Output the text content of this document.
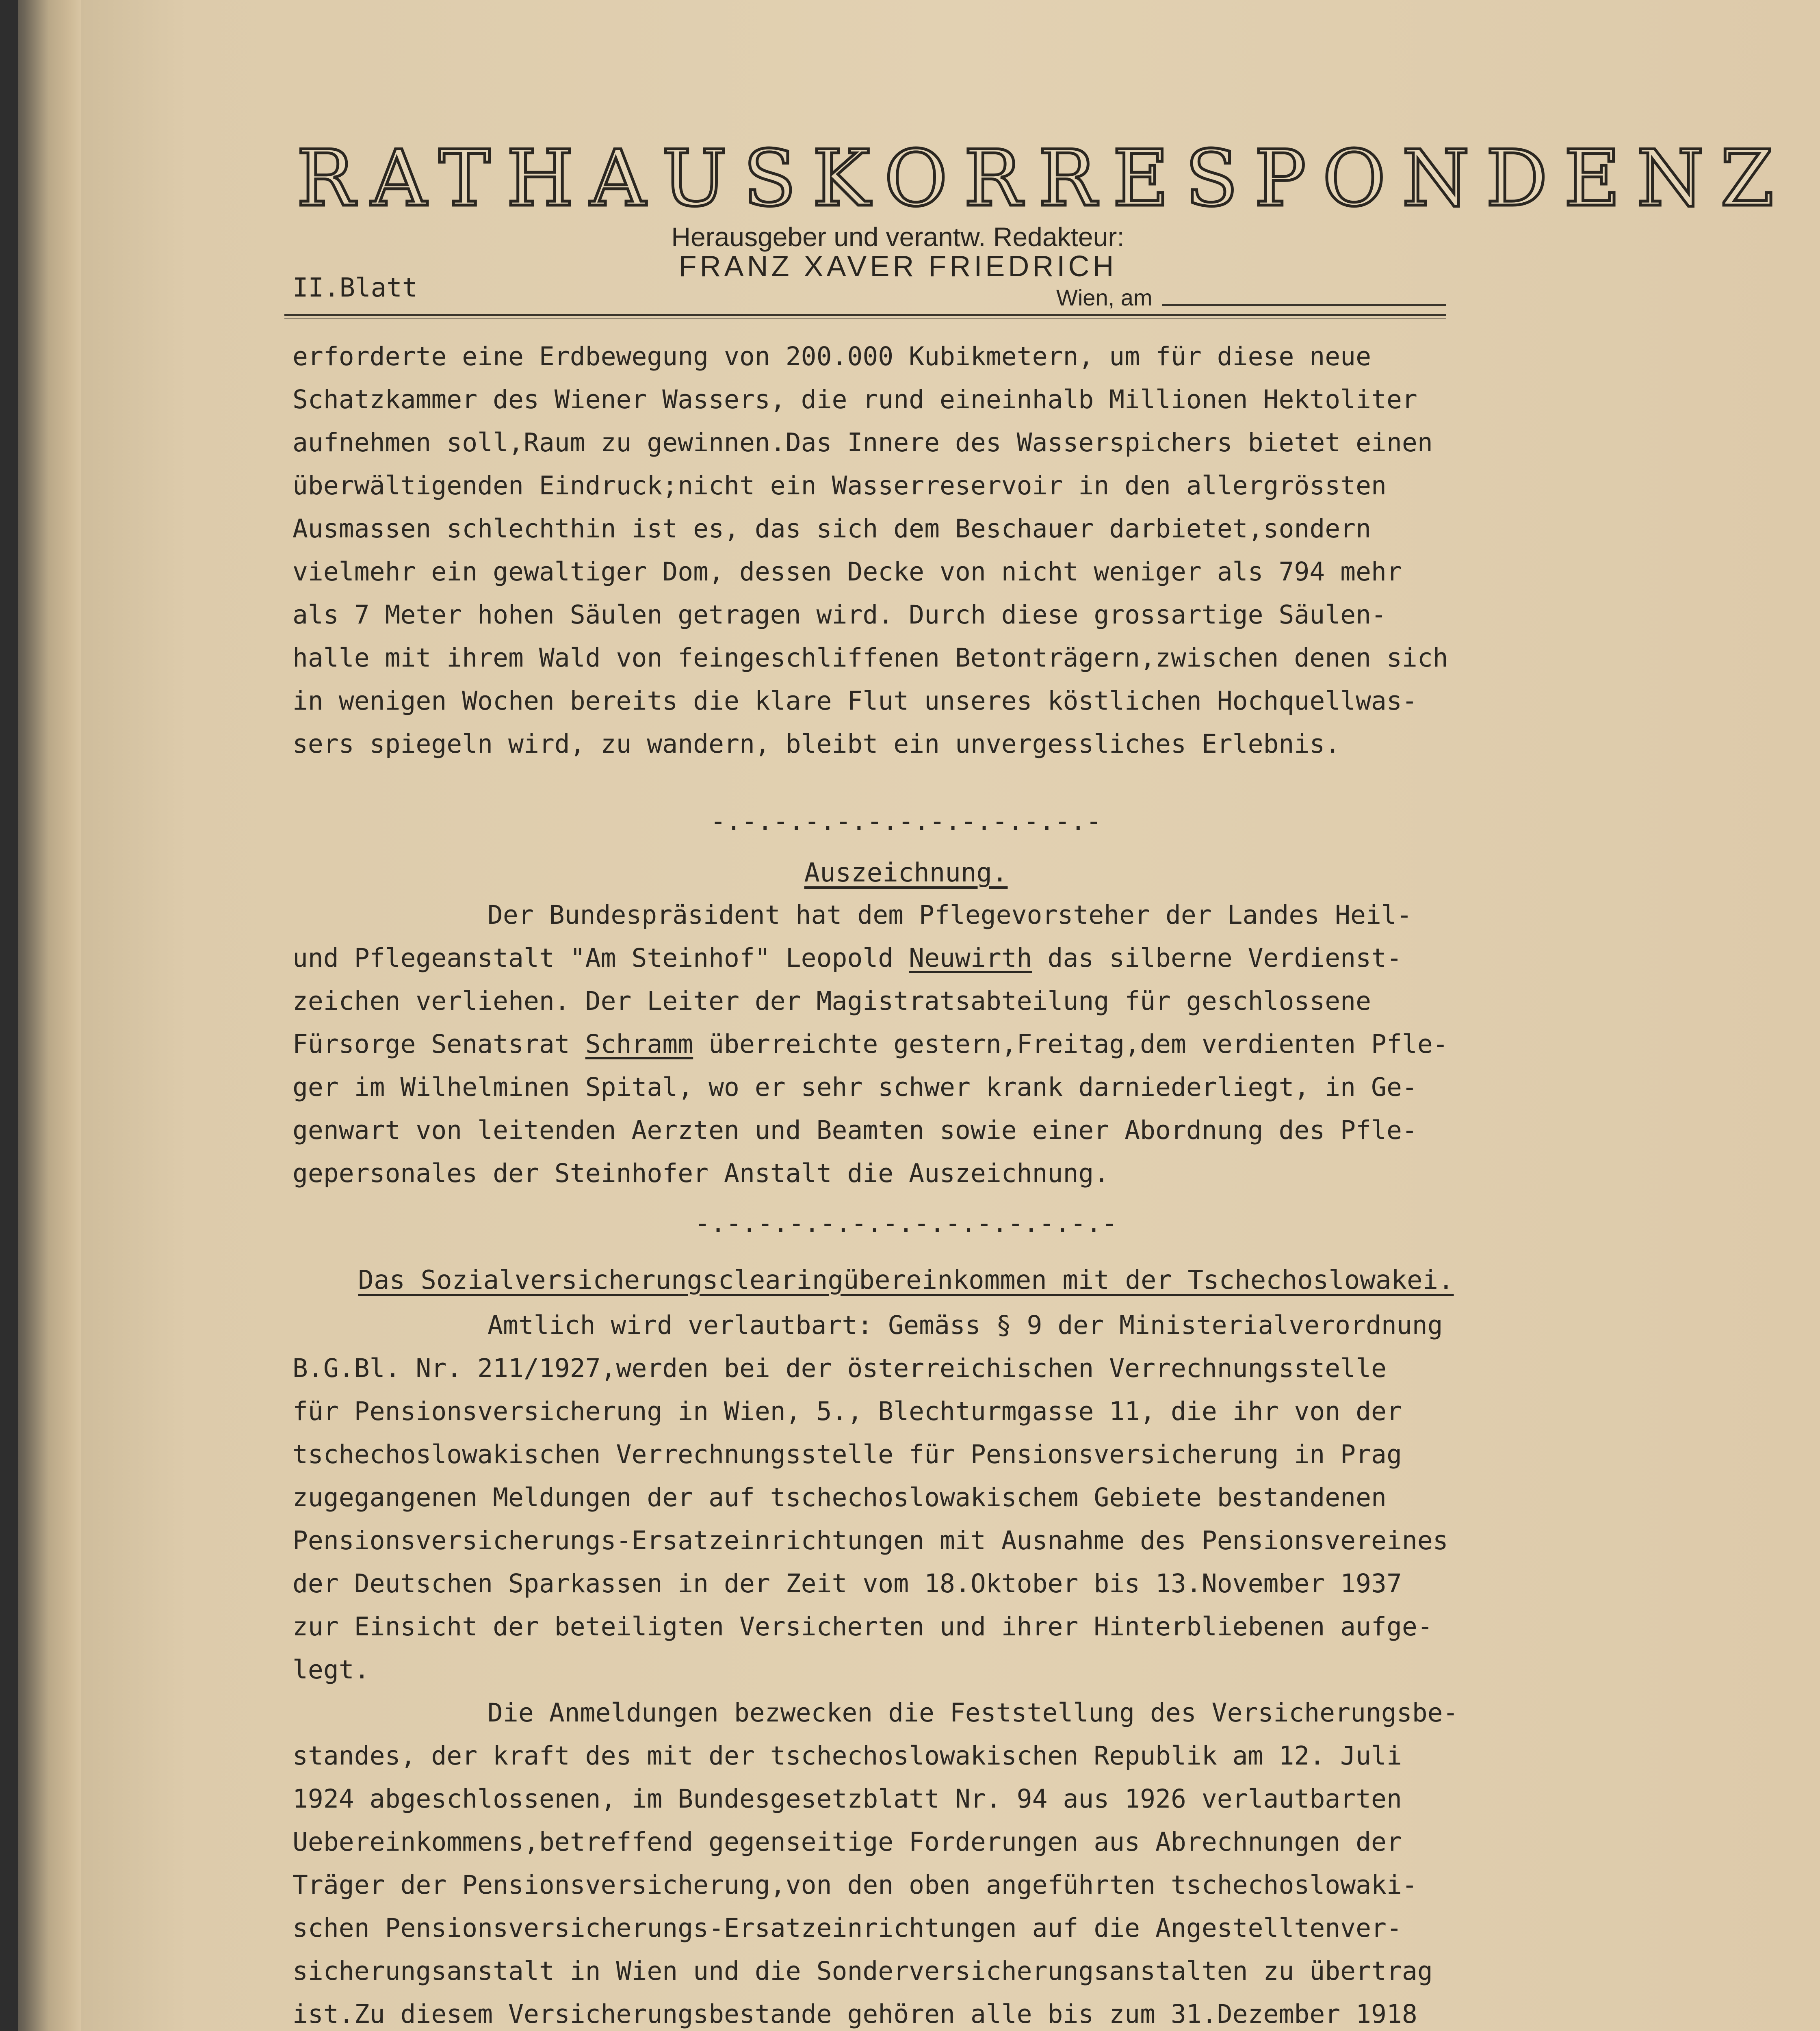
RATHAUSKORRESPONDENZ
Herausgeber und verantw. Redakteur:
FRANZ XAVER FRIEDRICH
II.Blatt	Wien, am
erforderte eine Erdbewegung von 200.000 Kubikmetern, um für diese neue
Schatzkammer des Wiener Wassers, die rund eineinhalb Millionen Hektoliter
aufnehmen soll,Raum zu gewinnen.Das Innere des Wasserspichers bietet einen
überwältigenden Eindruck;nicht ein Wasserreservoir in den allergrössten
Ausmassen schlechthin ist es, das sich dem Beschauer darbietet,sondern
vielmehr ein gewaltiger Dom, dessen Decke von nicht weniger als 794 mehr
als 7 Meter hohen Säulen getragen wird. Durch diese grossartige Säulen-
halle mit ihrem Wald von feingeschliffenen Betonträgern,zwischen denen sich
in wenigen Wochen bereits die klare Flut unseres köstlichen Hochquellwas-
sers spiegeln wird, zu wandern, bleibt ein unvergessliches Erlebnis.
-.-.-.-.-.-.-.-.-.-.-.-.-
Auszeichnung.
Der Bundespräsident hat dem Pflegevorsteher der Landes Heil-
und Pflegeanstalt "Am Steinhof" Leopold Neuwirth das silberne Verdienst-
zeichen verliehen. Der Leiter der Magistratsabteilung für geschlossene
Fürsorge Senatsrat Schramm überreichte gestern,Freitag,dem verdienten Pfle-
ger im Wilhelminen Spital, wo er sehr schwer krank darniederliegt, in Ge-
genwart von leitenden Aerzten und Beamten sowie einer Abordnung des Pfle-
gepersonales der Steinhofer Anstalt die Auszeichnung.
-.-.-.-.-.-.-.-.-.-.-.-.-.-
Das Sozialversicherungsclearingübereinkommen mit der Tschechoslowakei.
Amtlich wird verlautbart: Gemäss § 9 der Ministerialverordnung
B.G.Bl. Nr. 211/1927,werden bei der österreichischen Verrechnungsstelle
für Pensionsversicherung in Wien, 5., Blechturmgasse 11, die ihr von der
tschechoslowakischen Verrechnungsstelle für Pensionsversicherung in Prag
zugegangenen Meldungen der auf tschechoslowakischem Gebiete bestandenen
Pensionsversicherungs-Ersatzeinrichtungen mit Ausnahme des Pensionsvereines
der Deutschen Sparkassen in der Zeit vom 18.Oktober bis 13.November 1937
zur Einsicht der beteiligten Versicherten und ihrer Hinterbliebenen aufge-
legt.
Die Anmeldungen bezwecken die Feststellung des Versicherungsbe-
standes, der kraft des mit der tschechoslowakischen Republik am 12. Juli
1924 abgeschlossenen, im Bundesgesetzblatt Nr. 94 aus 1926 verlautbarten
Uebereinkommens,betreffend gegenseitige Forderungen aus Abrechnungen der
Träger der Pensionsversicherung,von den oben angeführten tschechoslowaki-
schen Pensionsversicherungs-Ersatzeinrichtungen auf die Angestelltenver-
sicherungsanstalt in Wien und die Sonderversicherungsanstalten zu übertrag
ist.Zu diesem Versicherungsbestande gehören alle bis zum 31.Dezember 1918
